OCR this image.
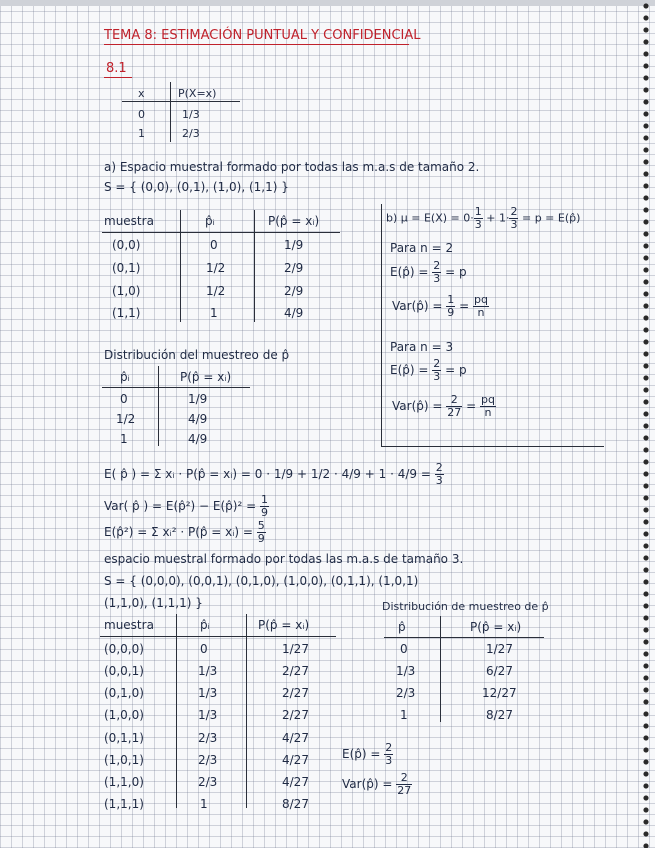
TEMA 8: ESTIMACIÓN PUNTUAL Y CONFIDENCIAL
8.1
x	P(X=x)
0	1/3
1	2/3
a) Espacio muestral formado por todas las m.a.s de tamaño 2.
S = { (0,0), (0,1), (1,0), (1,1) }
muestra	p̂ᵢ	P(p̂ = xᵢ)
(0,0)	0	1/9
(0,1)	1/2	2/9
(1,0)	1/2	2/9
(1,1)	1	4/9
Distribución del muestreo de p̂
p̂ᵢ	P(p̂ = xᵢ)
0	1/9
1/2	4/9
1	4/9
b) $\mu = E(X) = 0\cdot \frac{1}{3} + 1\cdot \frac{2}{3} = p$ = E(p̂)
Para n = 2
E(p̂) = $\frac{2}{3} = p$
Var(p̂) = $\frac{1}{9} = \frac{pq}{n}$
Para n = 3
E(p̂) = $\frac{2}{3} = p$
Var(p̂) = $\frac{2}{27} = \frac{pq}{n}$
E( p̂ ) = Σ xᵢ · P(p̂ = xᵢ) = $0 \cdot 1/9 + 1/2 \cdot 4/9 + 1 \cdot 4/9 = \frac{2}{3}$
Var( p̂ ) = E(p̂²) − E(p̂)² = $\frac{1}{9}$
E(p̂²) = Σ xᵢ² · P(p̂ = xᵢ) = $\frac{5}{9}$
espacio muestral formado por todas las m.a.s de tamaño 3.
S = { (0,0,0), (0,0,1), (0,1,0), (1,0,0), (0,1,1), (1,0,1)
(1,1,0), (1,1,1) }
muestra	p̂ᵢ	P(p̂ = xᵢ)
(0,0,0)	0	1/27
(0,0,1)	1/3	2/27
(0,1,0)	1/3	2/27
(1,0,0)	1/3	2/27
(0,1,1)	2/3	4/27
(1,0,1)	2/3	4/27
(1,1,0)	2/3	4/27
(1,1,1)	1	8/27
Distribución de muestreo de p̂
p̂	P(p̂ = xᵢ)
0	1/27
1/3	6/27
2/3	12/27
1	8/27
E(p̂) = $\frac{2}{3}$
Var(p̂) = $\frac{2}{27}$
